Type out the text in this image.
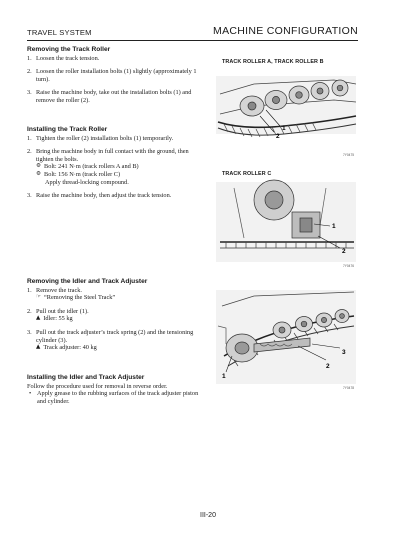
TRAVEL SYSTEM	MACHINE CONFIGURATION
Removing the Track Roller
1. Loosen the track tension.
2. Loosen the roller installation bolts (1) slightly (approximately 1 turn).
3. Raise the machine body, take out the installation bolts (1) and remove the roller (2).
Installing the Track Roller
1. Tighten the roller (2) installation bolts (1) temporarily.
2. Bring the machine body in full contact with the ground, then tighten the bolts.
⚙ Bolt: 241 N·m (track rollers A and B)
⚙ Bolt: 156 N·m (track roller C)
Apply thread-locking compound.
3. Raise the machine body, then adjust the track tension.
Removing the Idler and Track Adjuster
1. Remove the track.
☞ “Removing the Steel Track”
2. Pull out the idler (1).
▲ Idler: 55 kg
3. Pull out the track adjuster’s track spring (2) and the tensioning cylinder (3).
▲ Track adjuster: 40 kg
Installing the Idler and Track Adjuster
Follow the procedure used for removal in reverse order.
• Apply grease to the rubbing surfaces of the track adjuster piston and cylinder.
TRACK ROLLER A, TRACK ROLLER B
1
2
7Y0475
TRACK ROLLER C
1
2
7Y0476
1
2
3
7Y0478
III-20
